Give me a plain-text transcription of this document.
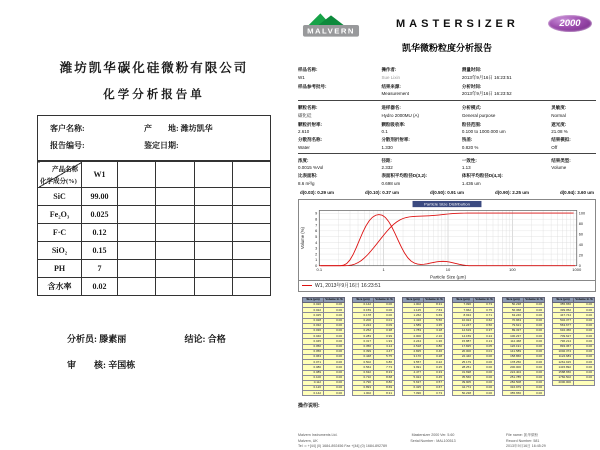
潍坊凯华碳化硅微粉有限公司
化学分析报告单
客户名称:	产　　地: 潍坊凯华
报告编号:	鉴定日期:
产品名称
化学成分(%)	W1				
SiC	99.00				
Fe₂O₃	0.025				
F·C	0.12				
SiO₂	0.15				
PH	7				
含水率	0.02				
分析员: 滕素丽	结论: 合格
审　　核: 辛国栋
MALVERN
MASTERSIZER	2000
凯华微粉粒度分析报告
样品名称:
W1
操作者:
Sue Lixin
测量时间:
2013年9月16日 16:23:51
样品参考批号:	结果来源:
Measurement
分析时间:
2013年9月16日 16:23:52
颗粒名称:
碳化硅
进样器名:
Hydro 2000MU (A)
分析模式:
General purpose
灵敏度:
Normal
颗粒折射率:
2.610
颗粒吸收率:
0.1
粒径范围:
0.100 to 1000.000 um
遮光度:
21.08 %
分散剂名称:
Water
分散剂折射率:
1.330
残差:
0.820 %
结果模拟:
Off
浓度:
0.0015 %Vol
径距:
2.332
一致性:
1.13
结果类型:
Volume
比表面积:
8.6 m²/g
表面积平均粒径D(3,2):
0.698 um
体积平均粒径D(4,3):
1.436 um
d(0.03): 0.29 um	d(0.10): 0.37 um	d(0.50): 0.91 um	d(0.90): 2.25 um	d(0.94): 3.60 um
Particle Size Distribution
0.1	1	10	100	1000
0
1
2
3
4
5
6
7
8
9
0
20
40
60
80
100
Particle Size (µm)
Volume (%)
W1, 2013年9月16日 16:23:51
Size (µm)	Volume In %
0.020	0.00
0.022	0.00
0.025	0.00
0.028	0.00
0.032	0.00
0.036	0.00
0.040	0.00
0.045	0.00
0.050	0.00
0.056	0.00
0.063	0.00
0.071	0.00
0.080	0.00
0.089	0.00
0.100	0.00
0.112	0.00
0.126	0.00
0.142	0.00
Size (µm)	Volume In %
0.142	0.00
0.159	0.00
0.178	0.00
0.200	0.01
0.224	0.09
0.252	0.38
0.283	0.99
0.317	1.93
0.356	3.14
0.399	4.47
0.448	5.75
0.502	6.86
0.564	7.73
0.632	8.33
0.710	8.68
0.796	8.80
0.893	8.69
1.002	8.31
Size (µm)	Volume In %
1.002	8.31
1.125	7.63
1.262	6.69
1.416	5.56
1.589	4.35
1.783	3.18
2.000	2.16
2.244	1.36
2.518	0.80
2.825	0.46
3.170	0.28
3.557	0.22
3.991	0.25
4.477	0.33
5.024	0.45
5.637	0.57
6.325	0.67
7.096	0.73
Size (µm)	Volume In %
7.096	0.73
7.962	0.75
8.934	0.71
10.024	0.62
11.247	0.50
12.619	0.37
14.159	0.24
15.887	0.13
17.825	0.05
20.000	0.01
22.440	0.00
25.179	0.00
28.251	0.00
31.698	0.00
35.566	0.00
39.905	0.00
44.774	0.00
50.238	0.00
Size (µm)	Volume In %
50.238	0.00
56.368	0.00
63.246	0.00
70.963	0.00
79.621	0.00
89.337	0.00
100.237	0.00
112.468	0.00
126.191	0.00
141.589	0.00
158.866	0.00
178.250	0.00
200.000	0.00
224.404	0.00
251.785	0.00
282.508	0.00
316.979	0.00
355.656	0.00
Size (µm)	Volume In %
355.656	0.00
399.052	0.00
447.744	0.00
502.377	0.00
563.677	0.00
632.456	0.00
709.627	0.00
796.214	0.00
893.367	0.00
1002.374	0.00
1124.683	0.00
1261.915	0.00
1415.892	0.00
1588.656	0.00
1782.502	0.00
2000.000	
操作说明:
Malvern Instruments Ltd.
Malvern, UK
Tel := +[44] (0) 1684-892456 Fax +[44] (0) 1684-892789
Mastersizer 2000 Ver. 5.60
Serial Number : MAL100513
File name: 凯华微粉
Record Number: 581
2013年9月16日 16:45:29
